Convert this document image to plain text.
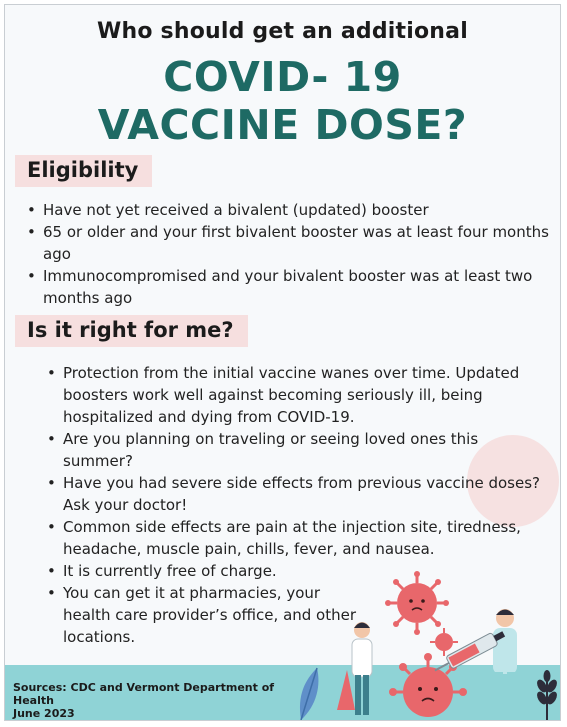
Who should get an additional
COVID- 19
VACCINE DOSE?
Eligibility
• Have not yet received a bivalent (updated) booster
• 65 or older and your first bivalent booster was at least four months ago
• Immunocompromised and your bivalent booster was at least two months ago
Is it right for me?
• Protection from the initial vaccine wanes over time. Updated boosters work well against becoming seriously ill, being hospitalized and dying from COVID-19.
• Are you planning on traveling or seeing loved ones this summer?
• Have you had severe side effects from previous vaccine doses? Ask your doctor!
• Common side effects are pain at the injection site, tiredness, headache, muscle pain, chills, fever, and nausea.
• It is currently free of charge.
• You can get it at pharmacies, your health care provider’s office, and other locations.
Sources: CDC and Vermont Department of
Health
June 2023
